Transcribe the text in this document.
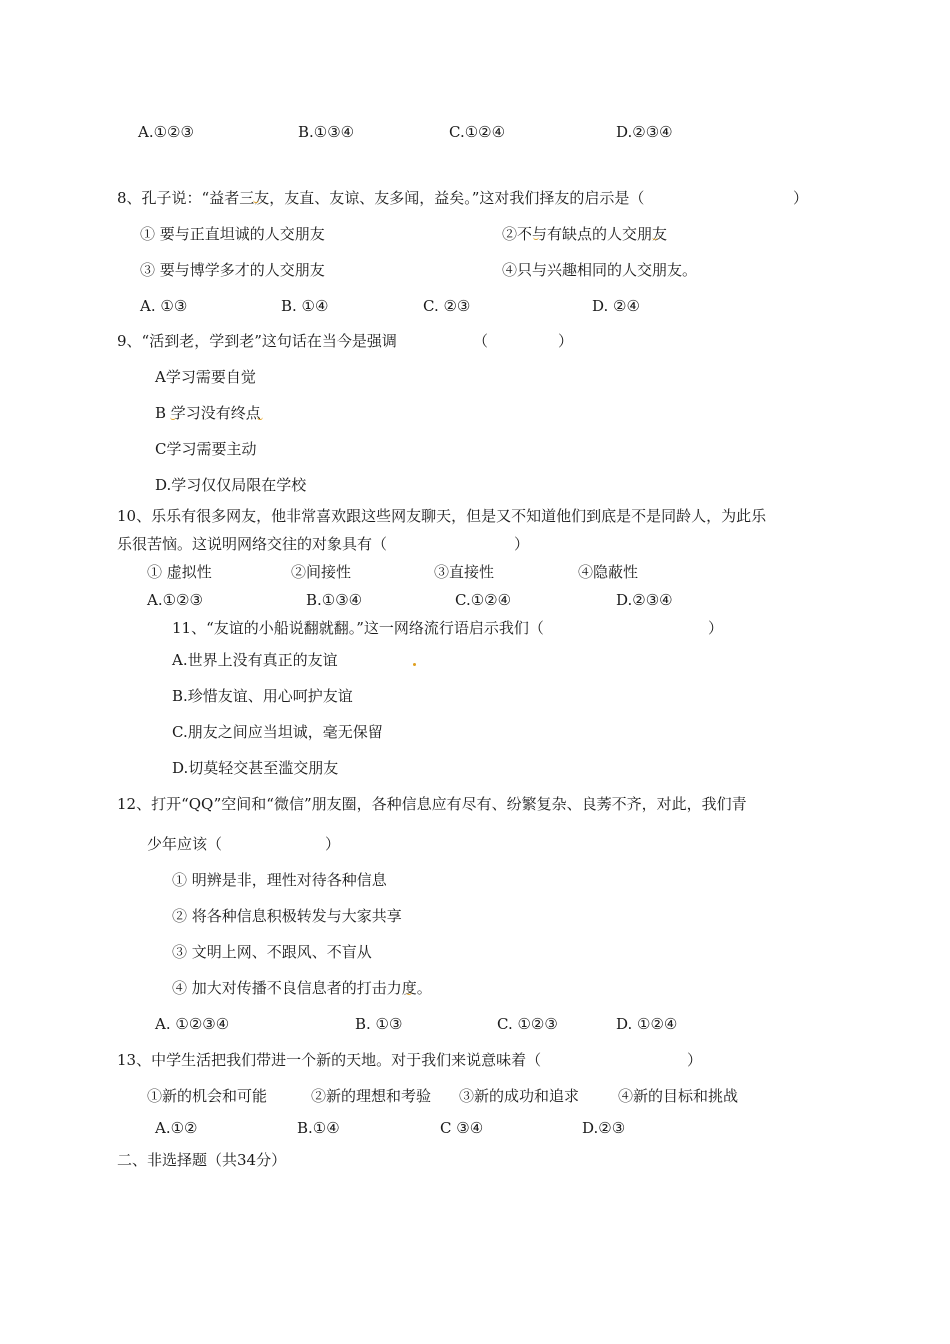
A.①②③	B.①③④	C.①②④	D.②③④
8、孔子说：“益者三友，友直、友谅、友多闻，益矣。”这对我们择友的启示是（	）
① 要与正直坦诚的人交朋友	②不与有缺点的人交朋友
③ 要与博学多才的人交朋友	④只与兴趣相同的人交朋友。
A. ①③	B. ①④	C. ②③	D. ②④
9、“活到老，学到老”这句话在当今是强调	（	）
A学习需要自觉
B 学习没有终点
C学习需要主动
D.学习仅仅局限在学校
10、乐乐有很多网友，他非常喜欢跟这些网友聊天，但是又不知道他们到底是不是同龄人，为此乐
乐很苦恼。这说明网络交往的对象具有（	）
① 虚拟性	②间接性	③直接性	④隐蔽性
A.①②③	B.①③④	C.①②④	D.②③④
11、“友谊的小船说翻就翻。”这一网络流行语启示我们（	）
A.世界上没有真正的友谊
B.珍惜友谊、用心呵护友谊
C.朋友之间应当坦诚，毫无保留
D.切莫轻交甚至滥交朋友
12、打开“QQ”空间和“微信”朋友圈，各种信息应有尽有、纷繁复杂、良莠不齐，对此，我们青
少年应该（	）
① 明辨是非，理性对待各种信息
② 将各种信息积极转发与大家共享
③ 文明上网、不跟风、不盲从
④ 加大对传播不良信息者的打击力度。
A. ①②③④	B. ①③	C. ①②③	D. ①②④
13、中学生活把我们带进一个新的天地。对于我们来说意味着（	）
①新的机会和可能	②新的理想和考验 ③新的成功和追求	④新的目标和挑战
A.①②	B.①④	C ③④	D.②③
二、非选择题（共34分）
